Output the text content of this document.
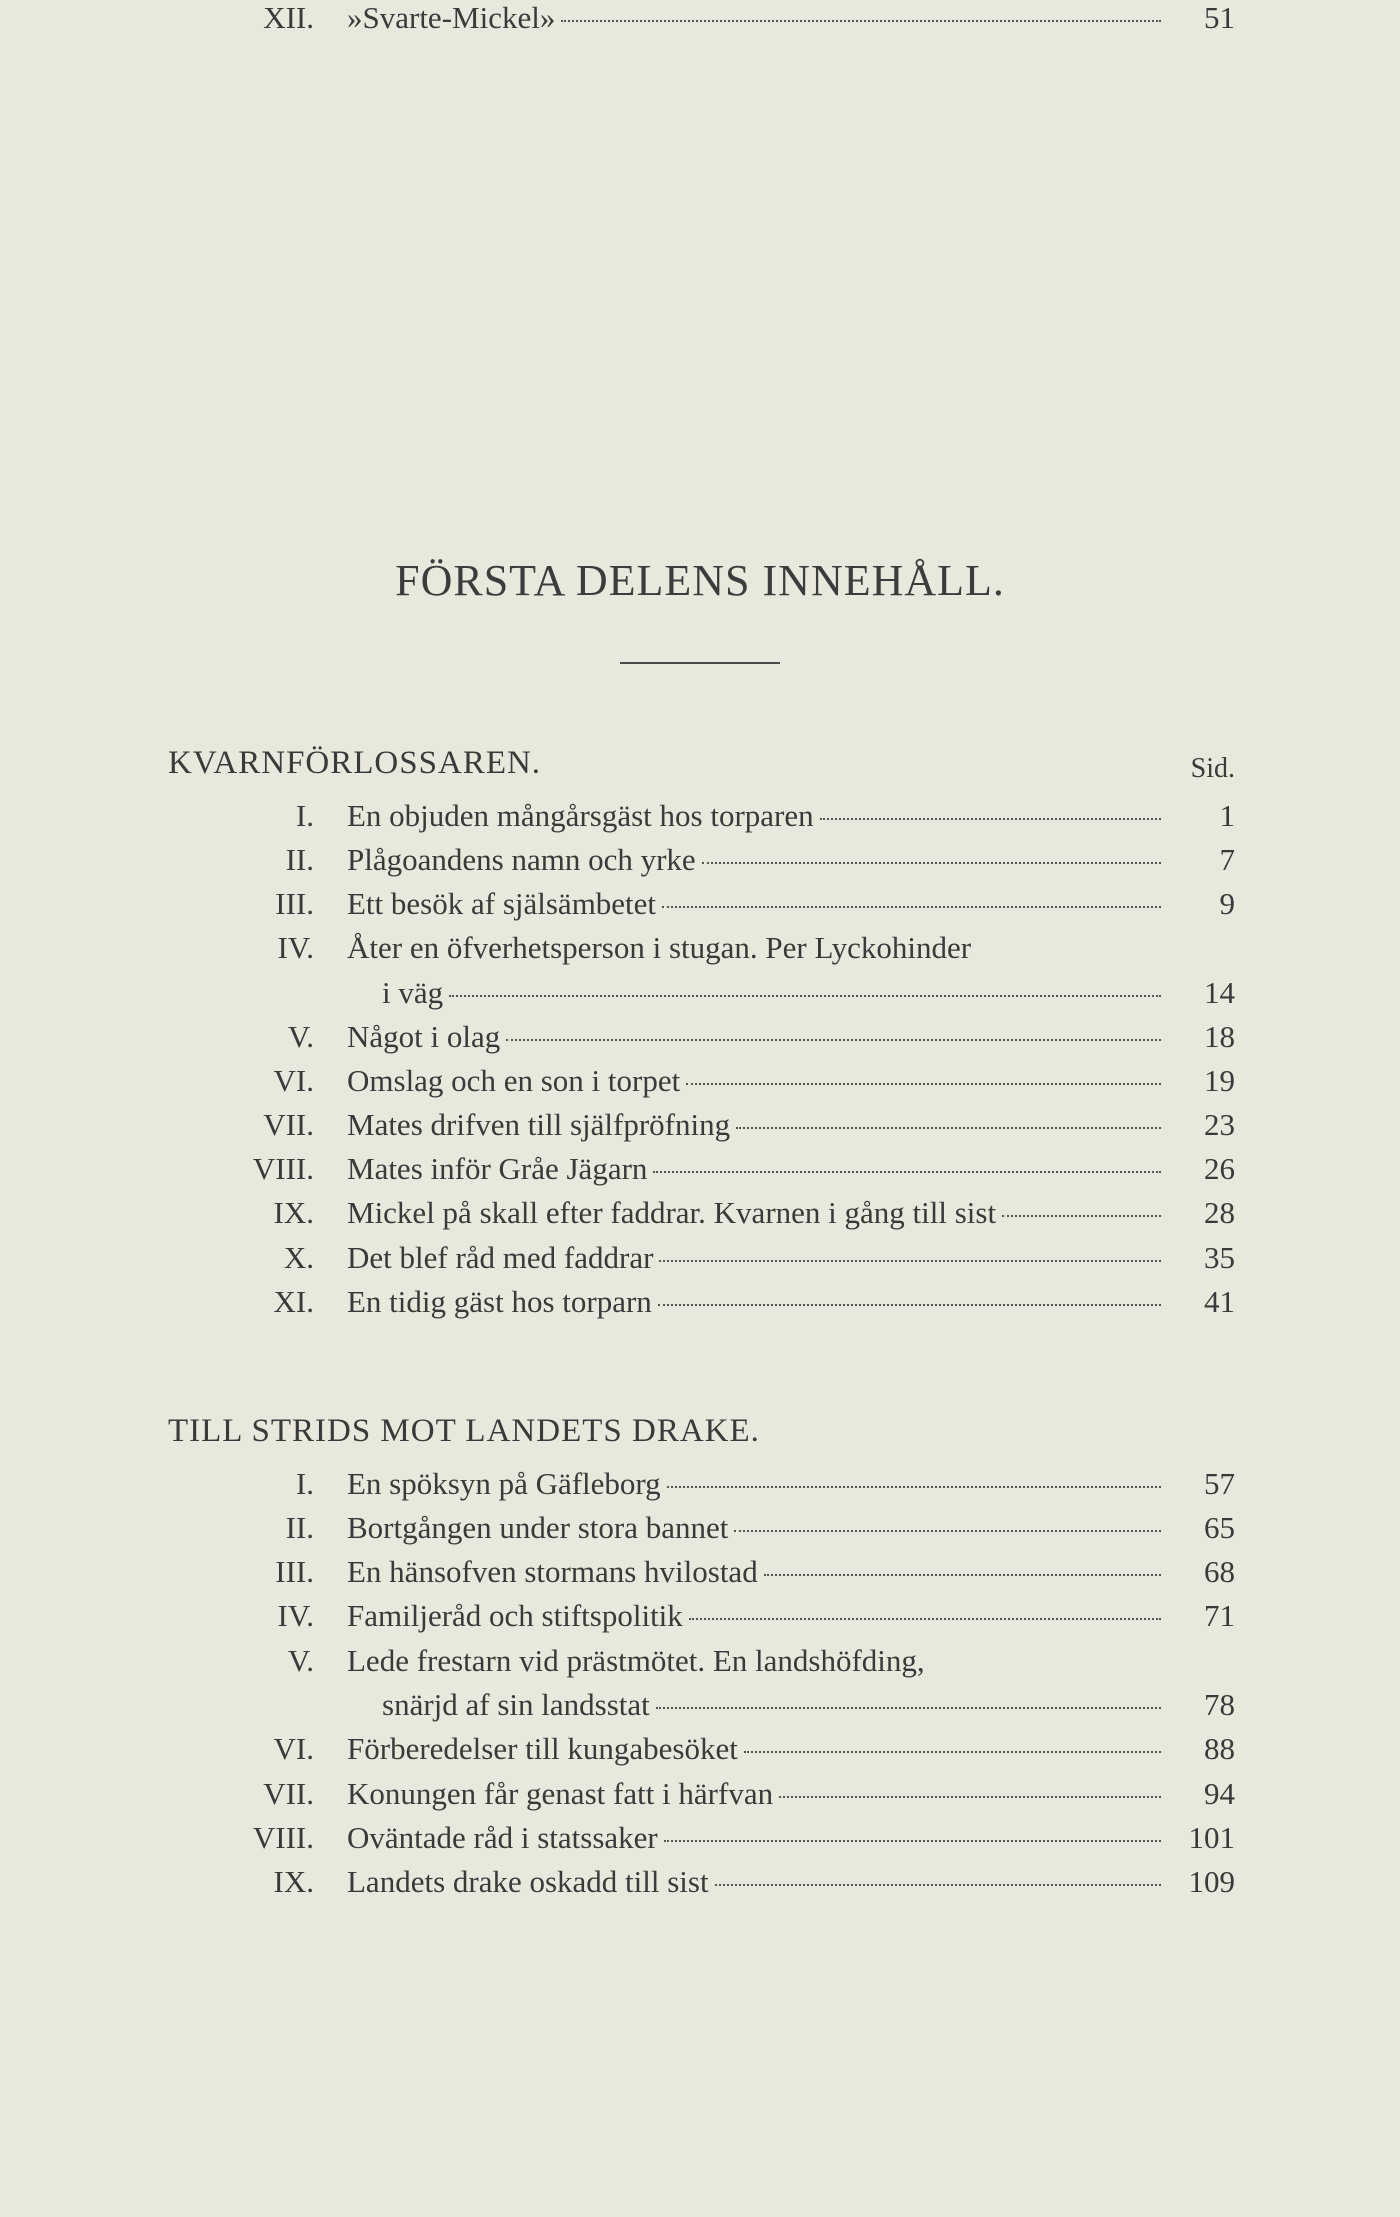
FÖRSTA DELENS INNEHÅLL.
KVARNFÖRLOSSAREN.	Sid.
I. En objuden mångårsgäst hos torparen	1
II. Plågoandens namn och yrke	7
III. Ett besök af själsämbetet	9
IV. Åter en öfverhetsperson i stugan. Per Lyckohinder
i väg	14
V. Något i olag	18
VI. Omslag och en son i torpet	19
VII. Mates drifven till själfpröfning	23
VIII. Mates inför Gråe Jägarn	26
IX. Mickel på skall efter faddrar. Kvarnen i gång till sist	28
X. Det blef råd med faddrar	35
XI. En tidig gäst hos torparn	41
XII. »Svarte-Mickel»	51
TILL STRIDS MOT LANDETS DRAKE.
I. En spöksyn på Gäfleborg	57
II. Bortgången under stora bannet	65
III. En hänsofven stormans hvilostad	68
IV. Familjeråd och stiftspolitik	71
V. Lede frestarn vid prästmötet. En landshöfding,
snärjd af sin landsstat	78
VI. Förberedelser till kungabesöket	88
VII. Konungen får genast fatt i härfvan	94
VIII. Oväntade råd i statssaker	101
IX. Landets drake oskadd till sist	109
